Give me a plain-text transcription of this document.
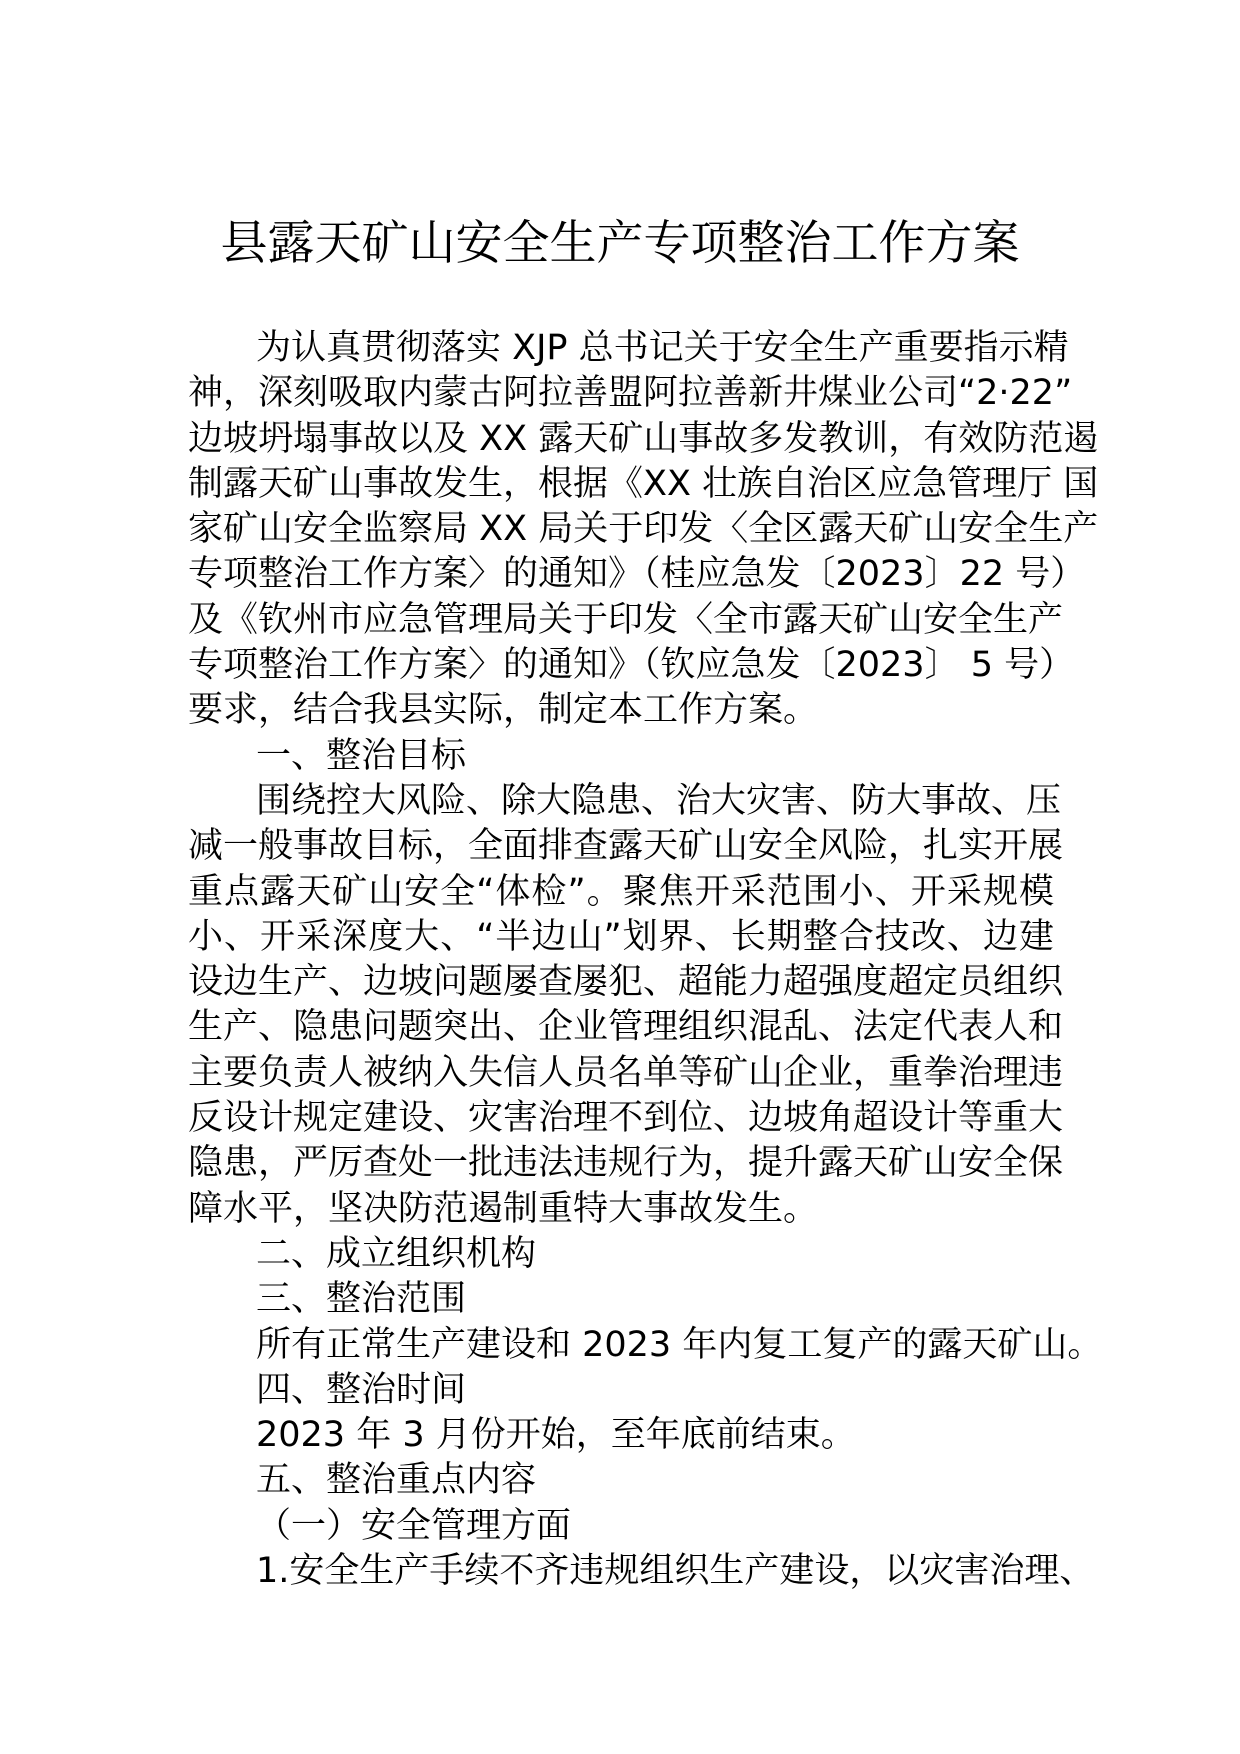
县露天矿山安全生产专项整治工作方案
为认真贯彻落实 XJP 总书记关于安全生产重要指示精
神，深刻吸取内蒙古阿拉善盟阿拉善新井煤业公司“2·22”
边坡坍塌事故以及 XX 露天矿山事故多发教训，有效防范遏
制露天矿山事故发生，根据《XX 壮族自治区应急管理厅 国
家矿山安全监察局 XX 局关于印发〈全区露天矿山安全生产
专项整治工作方案〉的通知》（桂应急发〔2023〕22 号）
及《钦州市应急管理局关于印发〈全市露天矿山安全生产
专项整治工作方案〉的通知》（钦应急发〔2023〕 5 号）
要求，结合我县实际，制定本工作方案。
一、整治目标
围绕控大风险、除大隐患、治大灾害、防大事故、压
减一般事故目标，全面排查露天矿山安全风险，扎实开展
重点露天矿山安全“体检”。聚焦开采范围小、开采规模
小、开采深度大、“半边山”划界、长期整合技改、边建
设边生产、边坡问题屡查屡犯、超能力超强度超定员组织
生产、隐患问题突出、企业管理组织混乱、法定代表人和
主要负责人被纳入失信人员名单等矿山企业，重拳治理违
反设计规定建设、灾害治理不到位、边坡角超设计等重大
隐患，严厉查处一批违法违规行为，提升露天矿山安全保
障水平，坚决防范遏制重特大事故发生。
二、成立组织机构
三、整治范围
所有正常生产建设和 2023 年内复工复产的露天矿山。
四、整治时间
2023 年 3 月份开始，至年底前结束。
五、整治重点内容
（一）安全管理方面
1.安全生产手续不齐违规组织生产建设，以灾害治理、
